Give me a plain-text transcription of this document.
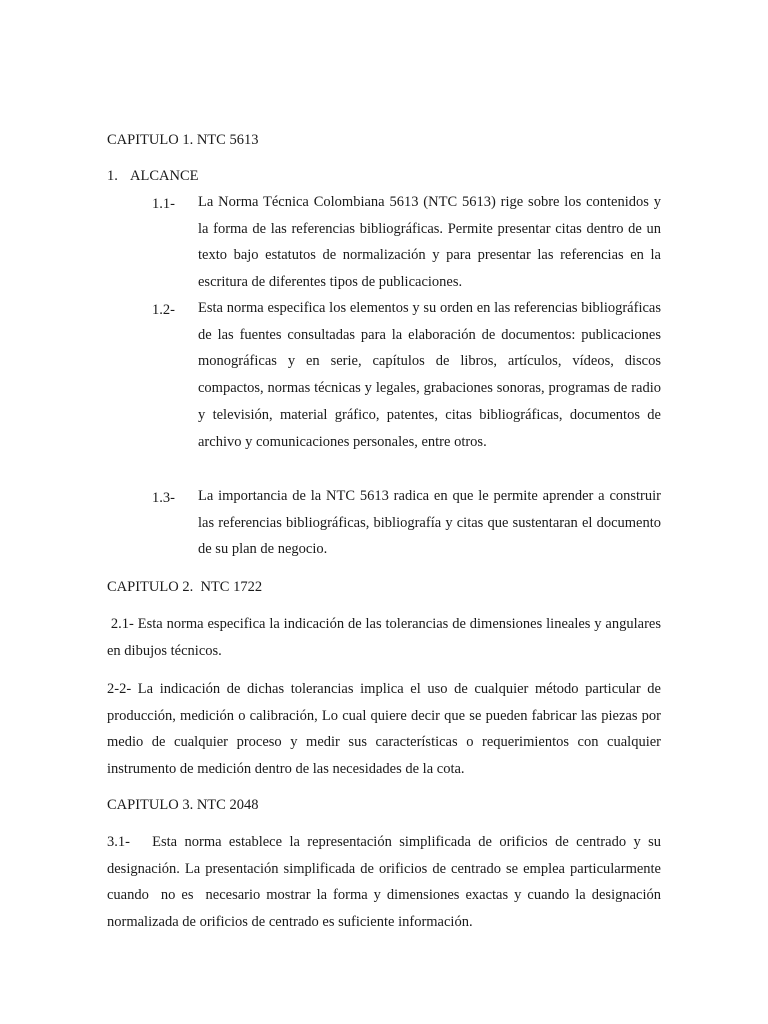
CAPITULO 1. NTC 5613
1. ALCANCE
1.1- La Norma Técnica Colombiana 5613 (NTC 5613) rige sobre los contenidos y la forma de las referencias bibliográficas. Permite presentar citas dentro de un texto bajo estatutos de normalización y para presentar las referencias en la escritura de diferentes tipos de publicaciones.
1.2- Esta norma especifica los elementos y su orden en las referencias bibliográficas de las fuentes consultadas para la elaboración de documentos: publicaciones monográficas y en serie, capítulos de libros, artículos, vídeos, discos compactos, normas técnicas y legales, grabaciones sonoras, programas de radio y televisión, material gráfico, patentes, citas bibliográficas, documentos de archivo y comunicaciones personales, entre otros.
1.3- La importancia de la NTC 5613 radica en que le permite aprender a construir las referencias bibliográficas, bibliografía y citas que sustentaran el documento de su plan de negocio.
CAPITULO 2.  NTC 1722
2.1- Esta norma especifica la indicación de las tolerancias de dimensiones lineales y angulares en dibujos técnicos.
2-2- La indicación de dichas tolerancias implica el uso de cualquier método particular de producción, medición o calibración, Lo cual quiere decir que se pueden fabricar las piezas por medio de cualquier proceso y medir sus características o requerimientos con cualquier instrumento de medición dentro de las necesidades de la cota.
CAPITULO 3. NTC 2048
3.1-   Esta norma establece la representación simplificada de orificios de centrado y su designación. La presentación simplificada de orificios de centrado se emplea particularmente cuando  no es  necesario mostrar la forma y dimensiones exactas y cuando la designación  normalizada de orificios de centrado es suficiente información.
